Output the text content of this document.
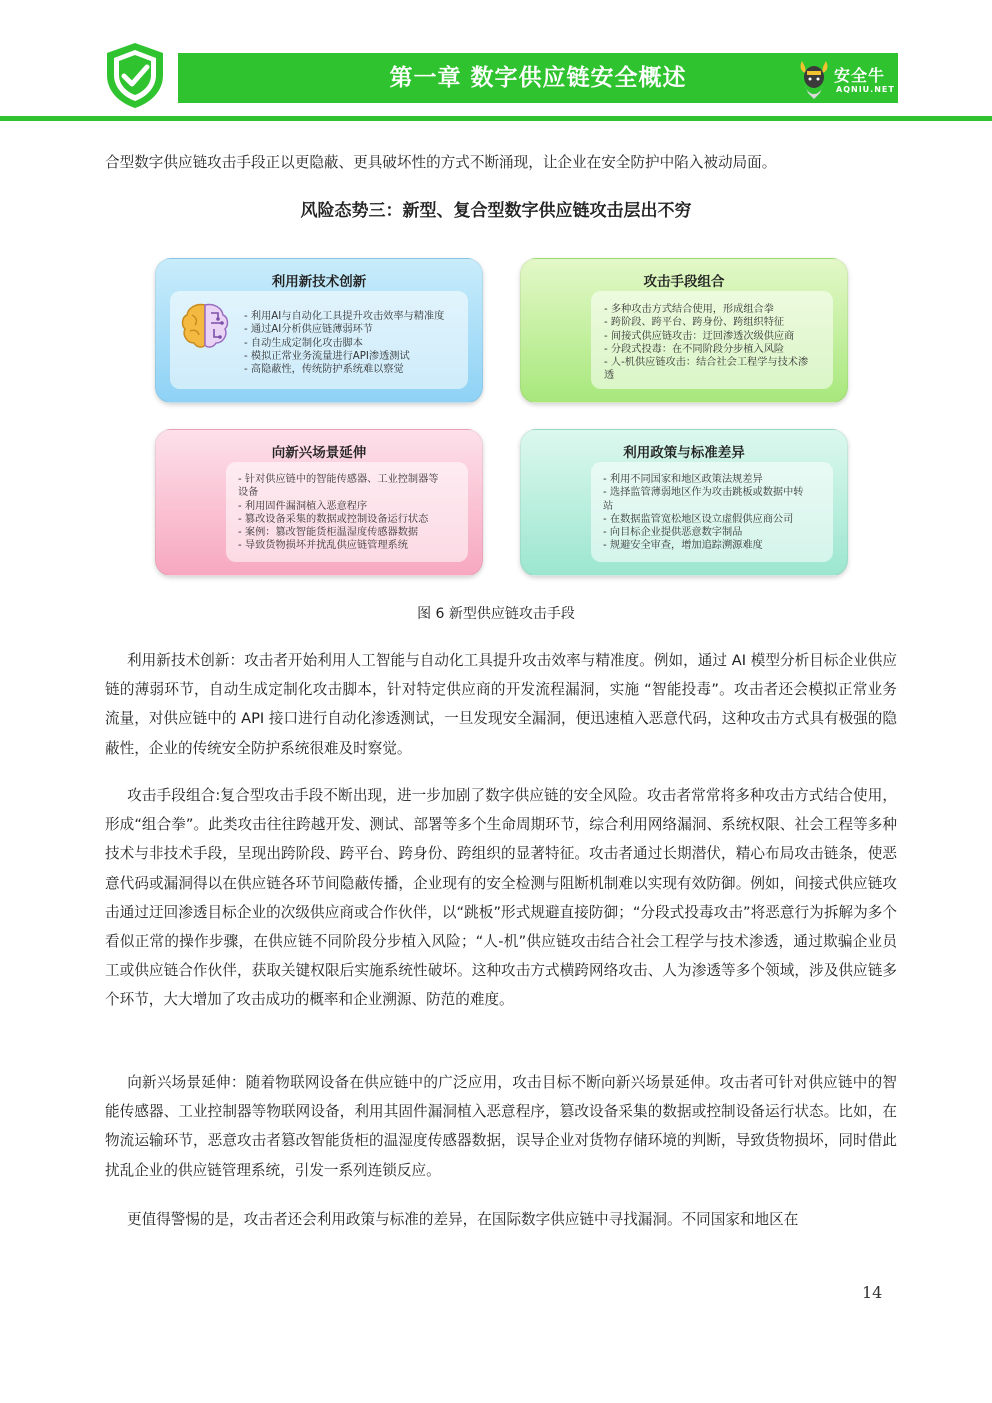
第一章 数字供应链安全概述	安全牛
AQNIU.NET

合型数字供应链攻击手段正以更隐蔽、更具破坏性的方式不断涌现，让企业在安全防护中陷入被动局面。

风险态势三：新型、复合型数字供应链攻击层出不穷
利用新技术创新
- 利用AI与自动化工具提升攻击效率与精准度
- 通过AI分析供应链薄弱环节
- 自动生成定制化攻击脚本
- 模拟正常业务流量进行API渗透测试
- 高隐蔽性，传统防护系统难以察觉
攻击手段组合
- 多种攻击方式结合使用，形成组合拳
- 跨阶段、跨平台、跨身份、跨组织特征
- 间接式供应链攻击：迂回渗透次级供应商
- 分段式投毒：在不同阶段分步植入风险
- 人-机供应链攻击：结合社会工程学与技术渗
透
向新兴场景延伸
- 针对供应链中的智能传感器、工业控制器等
设备
- 利用固件漏洞植入恶意程序
- 篡改设备采集的数据或控制设备运行状态
- 案例：篡改智能货柜温湿度传感器数据
- 导致货物损坏并扰乱供应链管理系统
利用政策与标准差异
- 利用不同国家和地区政策法规差异
- 选择监管薄弱地区作为攻击跳板或数据中转
站
- 在数据监管宽松地区设立虚假供应商公司
- 向目标企业提供恶意数字制品
- 规避安全审查，增加追踪溯源难度
图 6 新型供应链攻击手段

利用新技术创新：攻击者开始利用人工智能与自动化工具提升攻击效率与精准度。例如，通过 AI 模型分析目标企业供应链的薄弱环节，自动生成定制化攻击脚本，针对特定供应商的开发流程漏洞，实施 “智能投毒”。攻击者还会模拟正常业务流量，对供应链中的 API 接口进行自动化渗透测试，一旦发现安全漏洞，便迅速植入恶意代码，这种攻击方式具有极强的隐蔽性，企业的传统安全防护系统很难及时察觉。

攻击手段组合:复合型攻击手段不断出现，进一步加剧了数字供应链的安全风险。攻击者常常将多种攻击方式结合使用，形成“组合拳”。此类攻击往往跨越开发、测试、部署等多个生命周期环节，综合利用网络漏洞、系统权限、社会工程等多种技术与非技术手段，呈现出跨阶段、跨平台、跨身份、跨组织的显著特征。攻击者通过长期潜伏，精心布局攻击链条，使恶意代码或漏洞得以在供应链各环节间隐蔽传播，企业现有的安全检测与阻断机制难以实现有效防御。例如，间接式供应链攻击通过迂回渗透目标企业的次级供应商或合作伙伴，以“跳板”形式规避直接防御；“分段式投毒攻击”将恶意行为拆解为多个看似正常的操作步骤，在供应链不同阶段分步植入风险；“人-机”供应链攻击结合社会工程学与技术渗透，通过欺骗企业员工或供应链合作伙伴，获取关键权限后实施系统性破坏。这种攻击方式横跨网络攻击、人为渗透等多个领域，涉及供应链多个环节，大大增加了攻击成功的概率和企业溯源、防范的难度。

向新兴场景延伸：随着物联网设备在供应链中的广泛应用，攻击目标不断向新兴场景延伸。攻击者可针对供应链中的智能传感器、工业控制器等物联网设备，利用其固件漏洞植入恶意程序，篡改设备采集的数据或控制设备运行状态。比如，在物流运输环节，恶意攻击者篡改智能货柜的温湿度传感器数据，误导企业对货物存储环境的判断，导致货物损坏，同时借此扰乱企业的供应链管理系统，引发一系列连锁反应。

更值得警惕的是，攻击者还会利用政策与标准的差异，在国际数字供应链中寻找漏洞。不同国家和地区在

14
